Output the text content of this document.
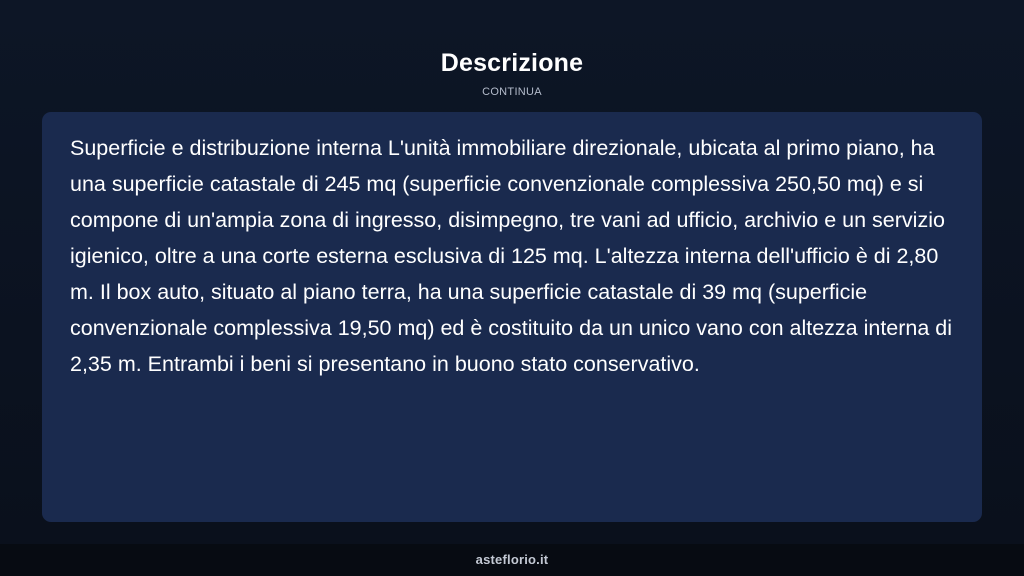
Descrizione
CONTINUA

Superficie e distribuzione interna L'unità immobiliare direzionale, ubicata al primo piano, ha una superficie catastale di 245 mq (superficie convenzionale complessiva 250,50 mq) e si compone di un'ampia zona di ingresso, disimpegno, tre vani ad ufficio, archivio e un servizio igienico, oltre a una corte esterna esclusiva di 125 mq. L'altezza interna dell'ufficio è di 2,80 m. Il box auto, situato al piano terra, ha una superficie catastale di 39 mq (superficie convenzionale complessiva 19,50 mq) ed è costituito da un unico vano con altezza interna di 2,35 m. Entrambi i beni si presentano in buono stato conservativo.

asteflorio.it
